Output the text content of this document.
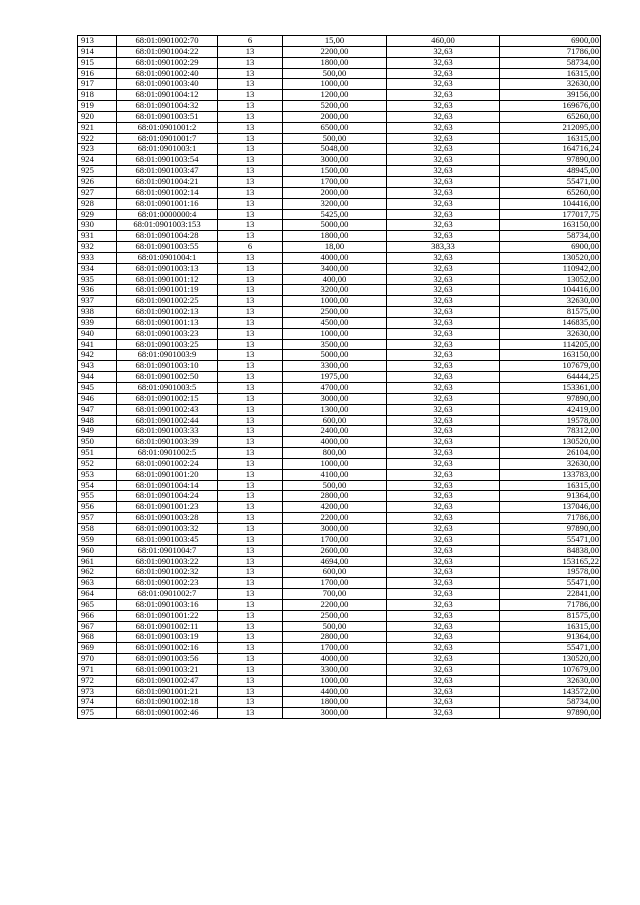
913	68:01:0901002:70	6	15,00	460,00	6900,00
914	68:01:0901004:22	13	2200,00	32,63	71786,00
915	68:01:0901002:29	13	1800,00	32,63	58734,00
916	68:01:0901002:40	13	500,00	32,63	16315,00
917	68:01:0901003:40	13	1000,00	32,63	32630,00
918	68:01:0901004:12	13	1200,00	32,63	39156,00
919	68:01:0901004:32	13	5200,00	32,63	169676,00
920	68:01:0901003:51	13	2000,00	32,63	65260,00
921	68:01:0901001:2	13	6500,00	32,63	212095,00
922	68:01:0901001:7	13	500,00	32,63	16315,00
923	68:01:0901003:1	13	5048,00	32,63	164716,24
924	68:01:0901003:54	13	3000,00	32,63	97890,00
925	68:01:0901003:47	13	1500,00	32,63	48945,00
926	68:01:0901004:21	13	1700,00	32,63	55471,00
927	68:01:0901002:14	13	2000,00	32,63	65260,00
928	68:01:0901001:16	13	3200,00	32,63	104416,00
929	68:01:0000000:4	13	5425,00	32,63	177017,75
930	68:01:0901003:153	13	5000,00	32,63	163150,00
931	68:01:0901004:28	13	1800,00	32,63	58734,00
932	68:01:0901003:55	6	18,00	383,33	6900,00
933	68:01:0901004:1	13	4000,00	32,63	130520,00
934	68:01:0901003:13	13	3400,00	32,63	110942,00
935	68:01:0901001:12	13	400,00	32,63	13052,00
936	68:01:0901001:19	13	3200,00	32,63	104416,00
937	68:01:0901002:25	13	1000,00	32,63	32630,00
938	68:01:0901002:13	13	2500,00	32,63	81575,00
939	68:01:0901001:13	13	4500,00	32,63	146835,00
940	68:01:0901003:23	13	1000,00	32,63	32630,00
941	68:01:0901003:25	13	3500,00	32,63	114205,00
942	68:01:0901003:9	13	5000,00	32,63	163150,00
943	68:01:0901003:10	13	3300,00	32,63	107679,00
944	68:01:0901002:50	13	1975,00	32,63	64444,25
945	68:01:0901003:5	13	4700,00	32,63	153361,00
946	68:01:0901002:15	13	3000,00	32,63	97890,00
947	68:01:0901002:43	13	1300,00	32,63	42419,00
948	68:01:0901002:44	13	600,00	32,63	19578,00
949	68:01:0901003:33	13	2400,00	32,63	78312,00
950	68:01:0901003:39	13	4000,00	32,63	130520,00
951	68:01:0901002:5	13	800,00	32,63	26104,00
952	68:01:0901002:24	13	1000,00	32,63	32630,00
953	68:01:0901001:20	13	4100,00	32,63	133783,00
954	68:01:0901004:14	13	500,00	32,63	16315,00
955	68:01:0901004:24	13	2800,00	32,63	91364,00
956	68:01:0901001:23	13	4200,00	32,63	137046,00
957	68:01:0901003:28	13	2200,00	32,63	71786,00
958	68:01:0901003:32	13	3000,00	32,63	97890,00
959	68:01:0901003:45	13	1700,00	32,63	55471,00
960	68:01:0901004:7	13	2600,00	32,63	84838,00
961	68:01:0901003:22	13	4694,00	32,63	153165,22
962	68:01:0901002:32	13	600,00	32,63	19578,00
963	68:01:0901002:23	13	1700,00	32,63	55471,00
964	68:01:0901002:7	13	700,00	32,63	22841,00
965	68:01:0901003:16	13	2200,00	32,63	71786,00
966	68:01:0901001:22	13	2500,00	32,63	81575,00
967	68:01:0901002:11	13	500,00	32,63	16315,00
968	68:01:0901003:19	13	2800,00	32,63	91364,00
969	68:01:0901002:16	13	1700,00	32,63	55471,00
970	68:01:0901003:56	13	4000,00	32,63	130520,00
971	68:01:0901003:21	13	3300,00	32,63	107679,00
972	68:01:0901002:47	13	1000,00	32,63	32630,00
973	68:01:0901001:21	13	4400,00	32,63	143572,00
974	68:01:0901002:18	13	1800,00	32,63	58734,00
975	68:01:0901002:46	13	3000,00	32,63	97890,00
